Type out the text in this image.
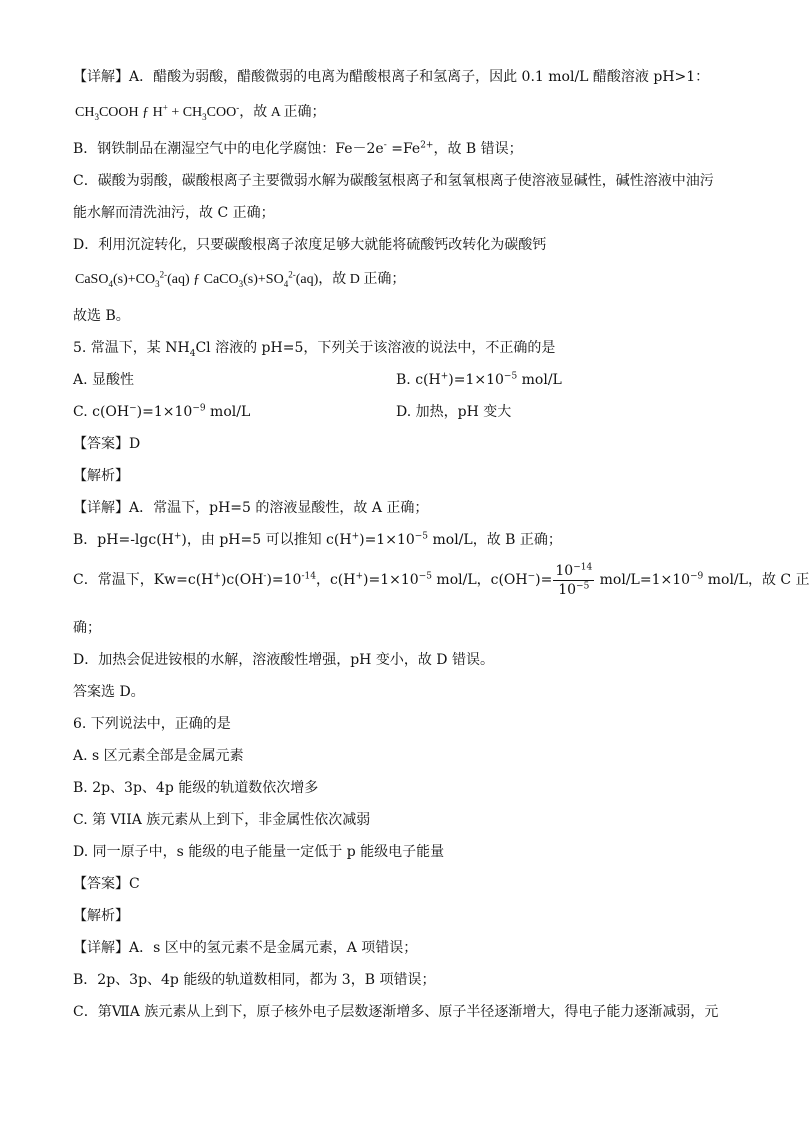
【详解】A．醋酸为弱酸，醋酸微弱的电离为醋酸根离子和氢离子，因此 0.1 mol/L 醋酸溶液 pH>1：
$CH_3COOH$ ƒ $H^+ + CH_3COO^-$，故 A 正确；
B．钢铁制品在潮湿空气中的电化学腐蚀：$Fe-2e^- =Fe^{2+}$，故 B 错误；
C．碳酸为弱酸，碳酸根离子主要微弱水解为碳酸氢根离子和氢氧根离子使溶液显碱性，碱性溶液中油污
能水解而清洗油污，故 C 正确；
D．利用沉淀转化，只要碳酸根离子浓度足够大就能将硫酸钙改转化为碳酸钙
$CaSO_4(s)+CO_3^{2-}(aq)$ ƒ $CaCO_3(s)+SO_4^{2-}(aq)$，故 D 正确；
故选 B。
5. 常温下，某 $NH_4Cl$ 溶液的 pH=5，下列关于该溶液的说法中，不正确的是
A. 显酸性	B. $c(H^+)=1\times 10^{-5}$ mol/L
C. $c(OH^-)=1\times 10^{-9}$ mol/L	D. 加热，pH 变大
【答案】D
【解析】
【详解】A．常温下，pH=5 的溶液显酸性，故 A 正确；
B．pH=-lgc(H+)，由 pH=5 可以推知 $c(H^+)=1\times 10^{-5}$ mol/L，故 B 正确；
C．常温下，$Kw=c(H^+)c(OH^-)=10^{-14}$，$c(H^+)=1\times 10^{-5}$ mol/L，$c(OH^-)= \frac{10^{-14}}{10^{-5}} mol/L=1\times 10^{-9}$ mol/L，故 C 正
确；
D．加热会促进铵根的水解，溶液酸性增强，pH 变小，故 D 错误。
答案选 D。
6. 下列说法中，正确的是
A. s 区元素全部是金属元素
B. 2p、3p、4p 能级的轨道数依次增多
C. 第 VIIA 族元素从上到下，非金属性依次减弱
D. 同一原子中，s 能级的电子能量一定低于 p 能级电子能量
【答案】C
【解析】
【详解】A．s 区中的氢元素不是金属元素，A 项错误；
B．2p、3p、4p 能级的轨道数相同，都为 3，B 项错误；
C．第ⅦA 族元素从上到下，原子核外电子层数逐渐增多、原子半径逐渐增大，得电子能力逐渐减弱，元
